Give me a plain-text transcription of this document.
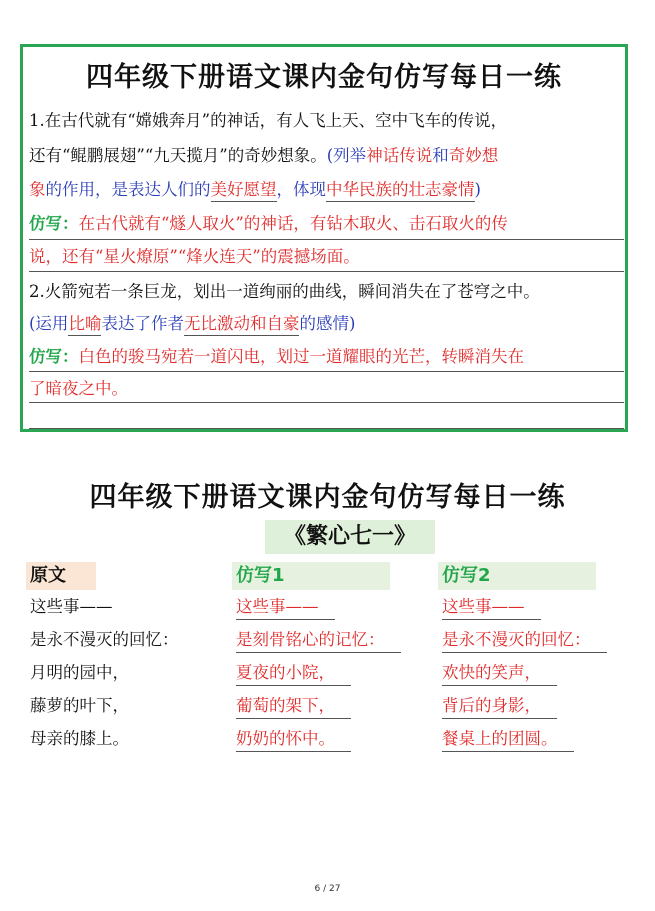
四年级下册语文课内金句仿写每日一练
1.在古代就有“嫦娥奔月”的神话，有人飞上天、空中飞车的传说，
还有“鲲鹏展翅”“九天揽月”的奇妙想象。(列举神话传说和奇妙想
象的作用，是表达人们的美好愿望，体现中华民族的壮志豪情)
仿写：在古代就有“燧人取火”的神话，有钻木取火、击石取火的传
说，还有“星火燎原”“烽火连天”的震撼场面。
2.火箭宛若一条巨龙，划出一道绚丽的曲线，瞬间消失在了苍穹之中。
(运用比喻表达了作者无比激动和自豪的感情)
仿写：白色的骏马宛若一道闪电，划过一道耀眼的光芒，转瞬消失在
了暗夜之中。
四年级下册语文课内金句仿写每日一练
《繁心七一》
原文	仿写1	仿写2
这些事——
是永不漫灭的回忆：
月明的园中，
藤萝的叶下，
母亲的膝上。
这些事——
是刻骨铭心的记忆：
夏夜的小院，
葡萄的架下，
奶奶的怀中。
这些事——
是永不漫灭的回忆：
欢快的笑声，
背后的身影，
餐桌上的团圆。
6 / 27
